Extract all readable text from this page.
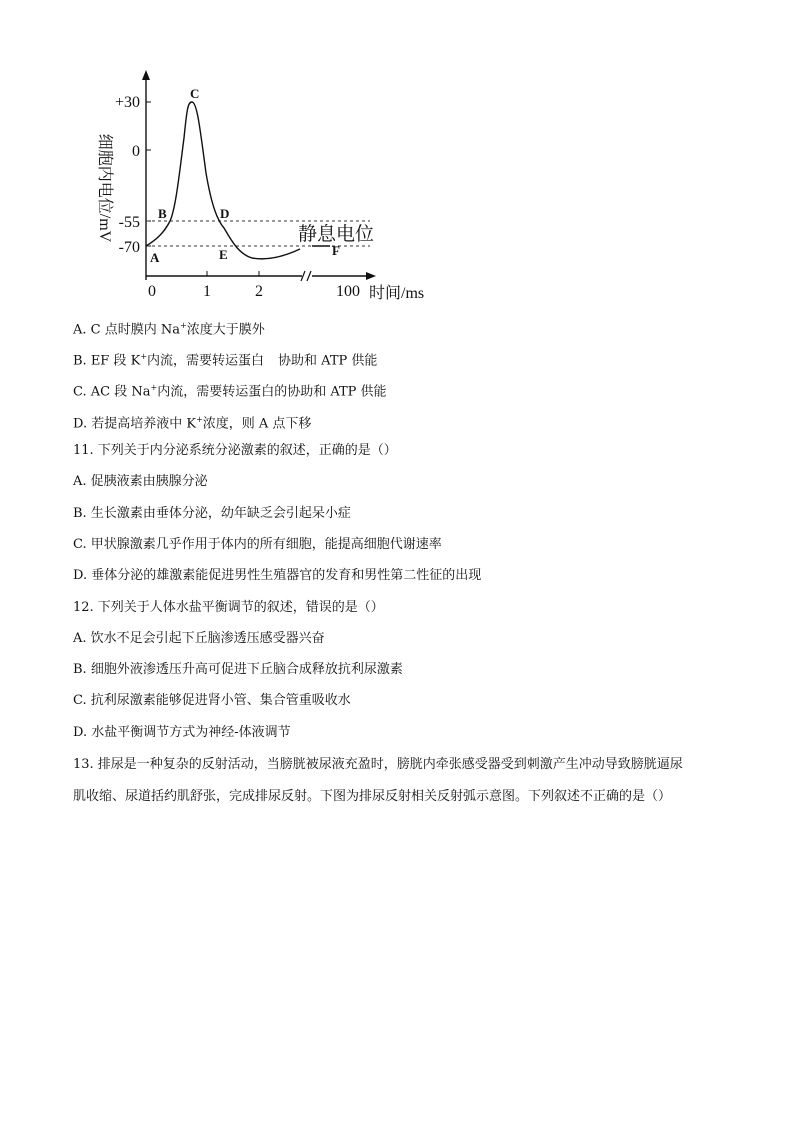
+30
0
-55
-70
0	1	2	100
细胞内电位/mV
时间/ms
A
B
C
D
E	F
静息电位
A. C 点时膜内 Na+浓度大于膜外
B. EF 段 K+内流，需要转运蛋白 协助和 ATP 供能
C. AC 段 Na+内流，需要转运蛋白的协助和 ATP 供能
D. 若提高培养液中 K+浓度，则 A 点下移
11. 下列关于内分泌系统分泌激素的叙述，正确的是（）
A. 促胰液素由胰腺分泌
B. 生长激素由垂体分泌，幼年缺乏会引起呆小症
C. 甲状腺激素几乎作用于体内的所有细胞，能提高细胞代谢速率
D. 垂体分泌的雄激素能促进男性生殖器官的发育和男性第二性征的出现
12. 下列关于人体水盐平衡调节的叙述，错误的是（）
A. 饮水不足会引起下丘脑渗透压感受器兴奋
B. 细胞外液渗透压升高可促进下丘脑合成释放抗利尿激素
C. 抗利尿激素能够促进肾小管、集合管重吸收水
D. 水盐平衡调节方式为神经-体液调节
13. 排尿是一种复杂的反射活动，当膀胱被尿液充盈时，膀胱内牵张感受器受到刺激产生冲动导致膀胱逼尿
肌收缩、尿道括约肌舒张，完成排尿反射。下图为排尿反射相关反射弧示意图。下列叙述不正确的是（）
